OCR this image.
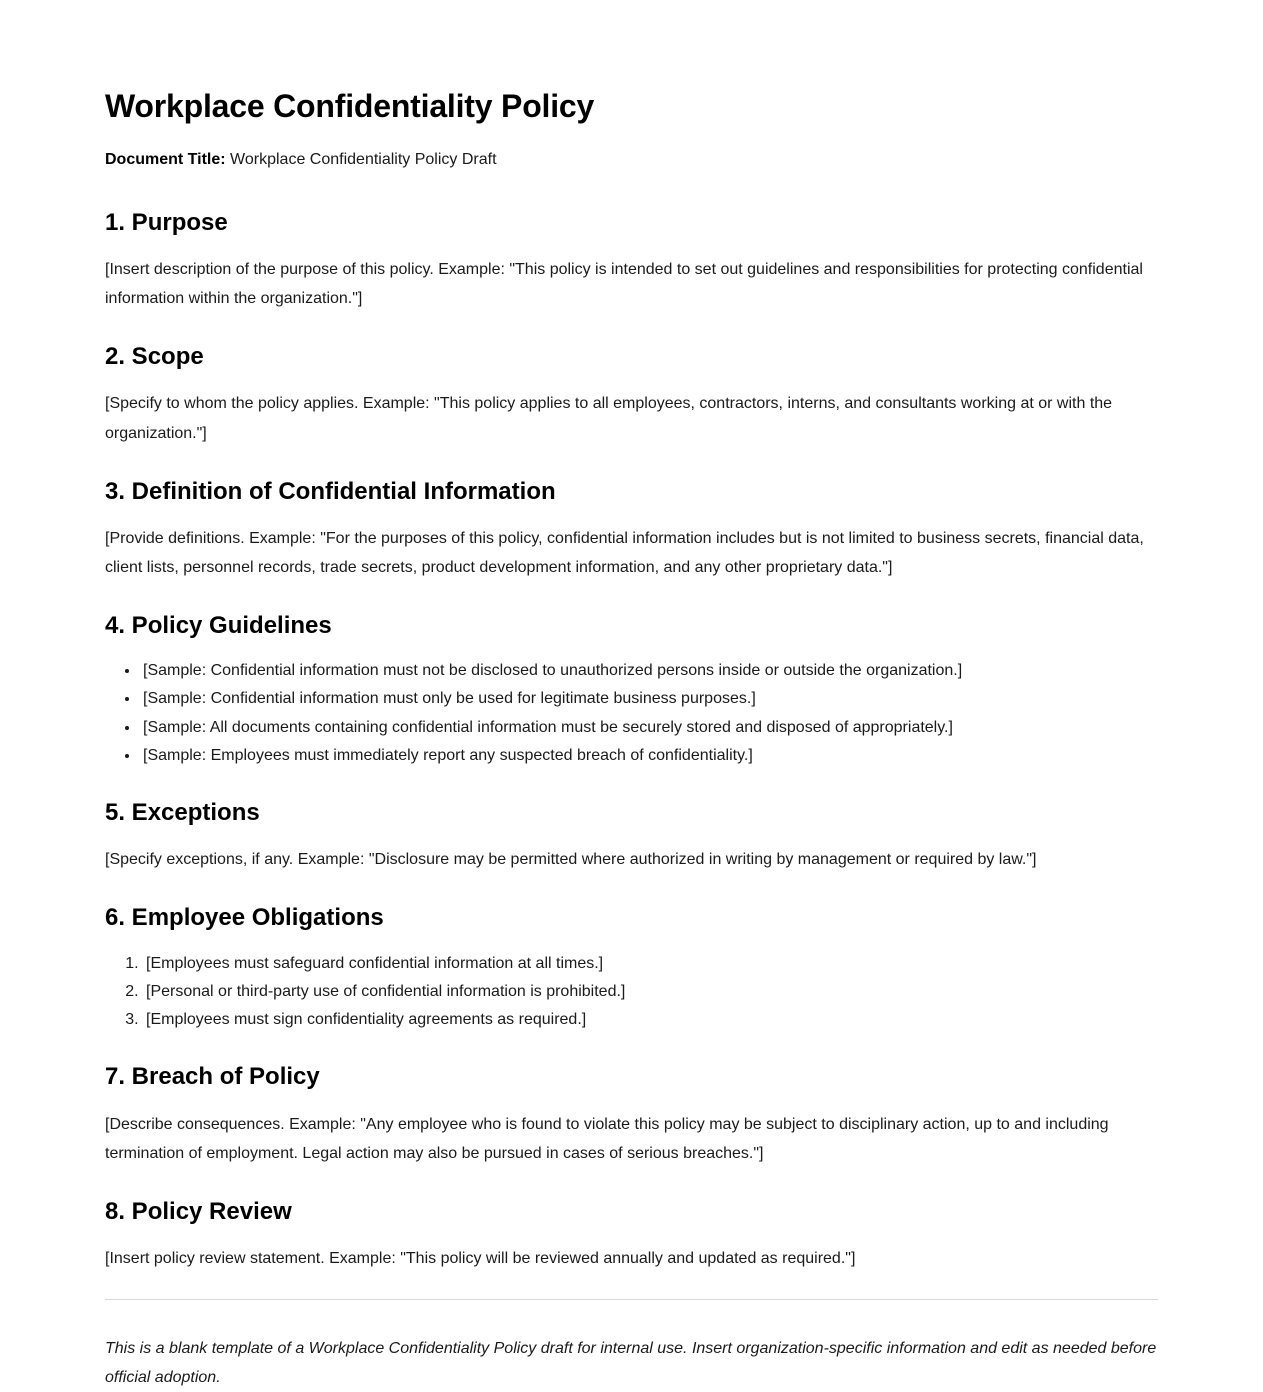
Workplace Confidentiality Policy

Document Title: Workplace Confidentiality Policy Draft

1. Purpose

[Insert description of the purpose of this policy. Example: "This policy is intended to set out guidelines and responsibilities for protecting confidential information within the organization."]

2. Scope

[Specify to whom the policy applies. Example: "This policy applies to all employees, contractors, interns, and consultants working at or with the organization."]

3. Definition of Confidential Information

[Provide definitions. Example: "For the purposes of this policy, confidential information includes but is not limited to business secrets, financial data, client lists, personnel records, trade secrets, product development information, and any other proprietary data."]

4. Policy Guidelines
• [Sample: Confidential information must not be disclosed to unauthorized persons inside or outside the organization.]
• [Sample: Confidential information must only be used for legitimate business purposes.]
• [Sample: All documents containing confidential information must be securely stored and disposed of appropriately.]
• [Sample: Employees must immediately report any suspected breach of confidentiality.]
5. Exceptions

[Specify exceptions, if any. Example: "Disclosure may be permitted where authorized in writing by management or required by law."]

6. Employee Obligations
1. [Employees must safeguard confidential information at all times.]
2. [Personal or third-party use of confidential information is prohibited.]
3. [Employees must sign confidentiality agreements as required.]
7. Breach of Policy

[Describe consequences. Example: "Any employee who is found to violate this policy may be subject to disciplinary action, up to and including termination of employment. Legal action may also be pursued in cases of serious breaches."]

8. Policy Review

[Insert policy review statement. Example: "This policy will be reviewed annually and updated as required."]

This is a blank template of a Workplace Confidentiality Policy draft for internal use. Insert organization-specific information and edit as needed before official adoption.
